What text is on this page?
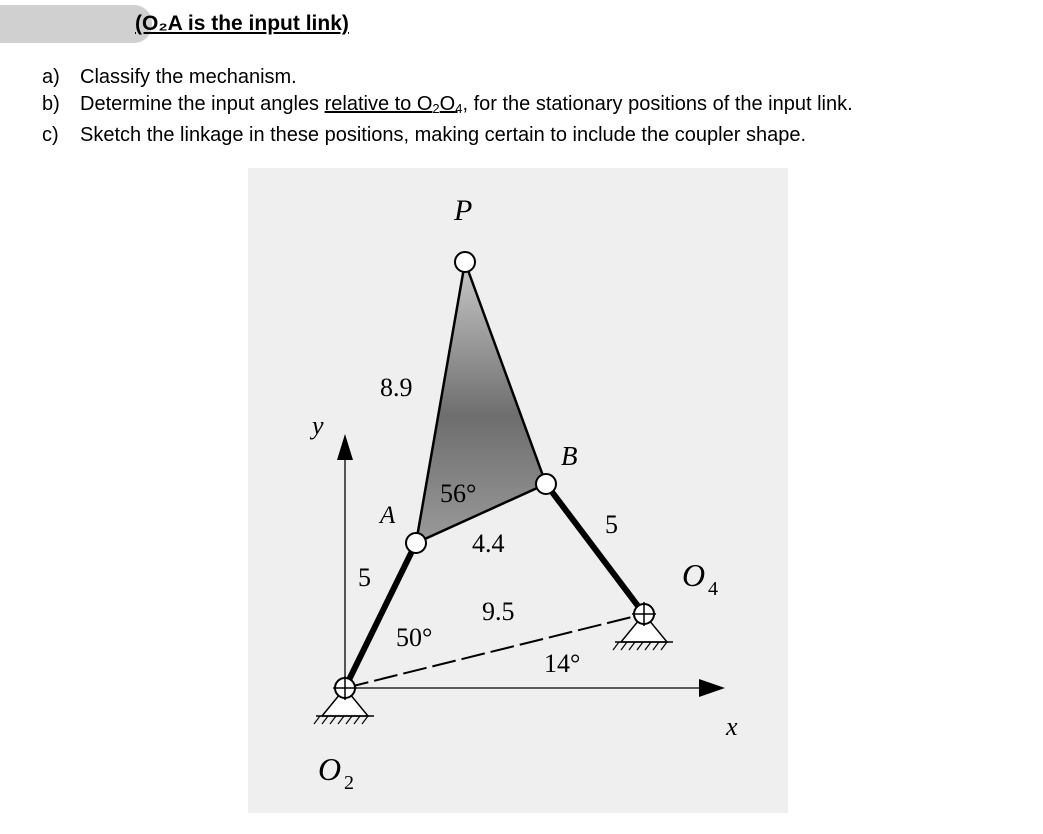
(O₂A is the input link)
a) Classify the mechanism.
b) Determine the input angles relative to $O_2O_4$, for the stationary positions of the input link.
c) Sketch the linkage in these positions, making certain to include the coupler shape.
P
A
B
y
x
O 2
O 4
8.9
4.4
5
5
9.5
56°
50°
14°
